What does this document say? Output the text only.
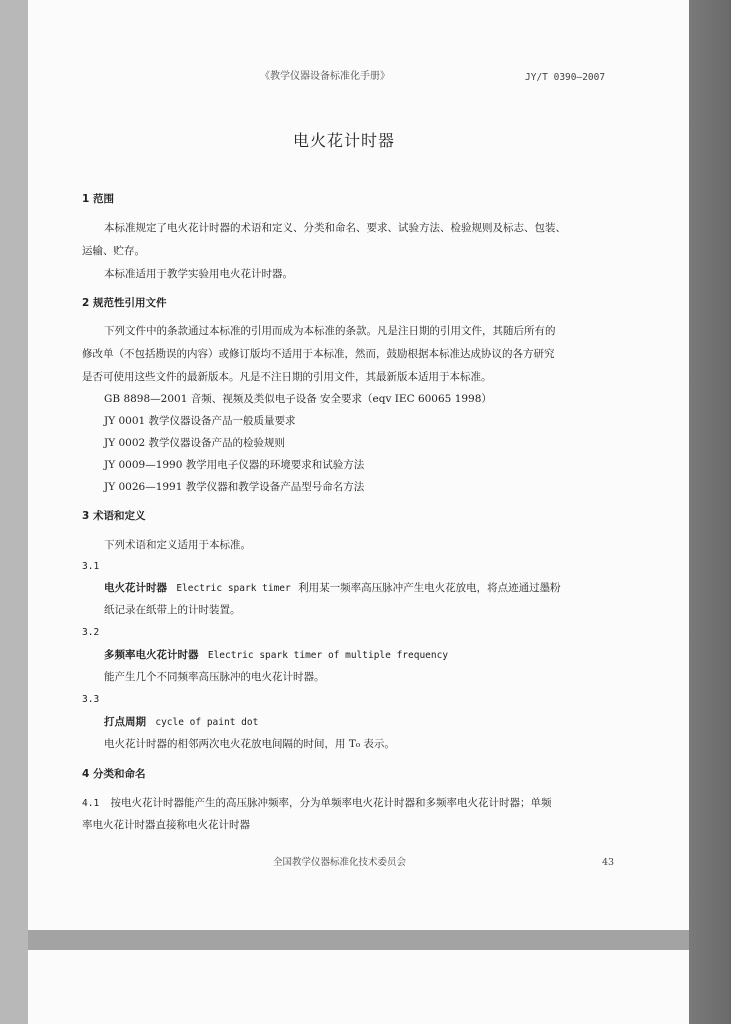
《教学仪器设备标准化手册》	JY/T 0390—2007
电火花计时器
1 范围
本标准规定了电火花计时器的术语和定义、分类和命名、要求、试验方法、检验规则及标志、包装、
运输、贮存。
本标准适用于教学实验用电火花计时器。
2 规范性引用文件
下列文件中的条款通过本标准的引用而成为本标准的条款。凡是注日期的引用文件，其随后所有的
修改单（不包括勘误的内容）或修订版均不适用于本标准，然而，鼓励根据本标准达成协议的各方研究
是否可使用这些文件的最新版本。凡是不注日期的引用文件，其最新版本适用于本标准。
GB 8898—2001 音频、视频及类似电子设备 安全要求（eqv IEC 60065 1998）
JY 0001 教学仪器设备产品一般质量要求
JY 0002 教学仪器设备产品的检验规则
JY 0009—1990 教学用电子仪器的环境要求和试验方法
JY 0026—1991 教学仪器和教学设备产品型号命名方法
3 术语和定义
下列术语和定义适用于本标准。
3.1
电火花计时器 Electric spark timer 利用某一频率高压脉冲产生电火花放电，将点迹通过墨粉
纸记录在纸带上的计时装置。
3.2
多频率电火花计时器 Electric spark timer of multiple frequency
能产生几个不同频率高压脉冲的电火花计时器。
3.3
打点周期 cycle of paint dot
电火花计时器的相邻两次电火花放电间隔的时间，用 T₀ 表示。
4 分类和命名
4.1 按电火花计时器能产生的高压脉冲频率，分为单频率电火花计时器和多频率电火花计时器；单频
率电火花计时器直接称电火花计时器
全国教学仪器标准化技术委员会	43
